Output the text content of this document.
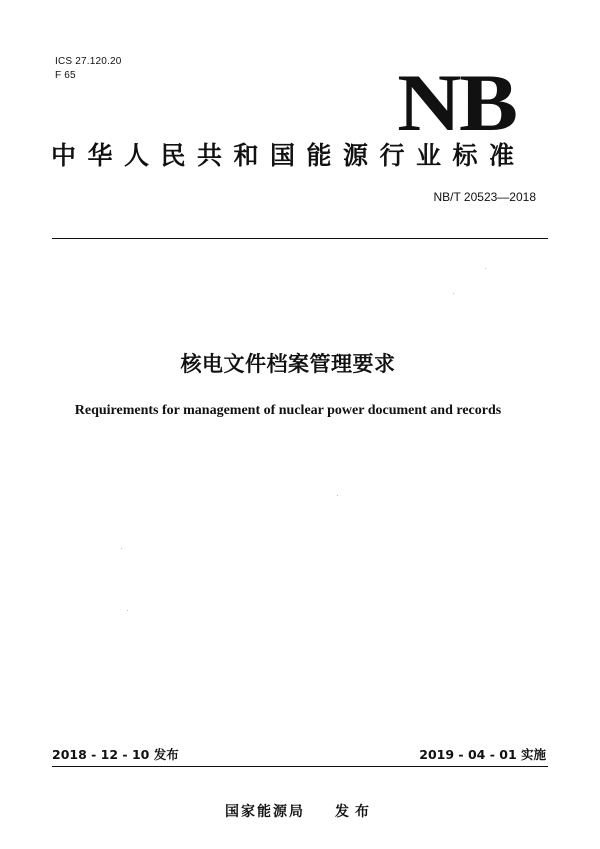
ICS 27.120.20
F 65	NB
中华人民共和国能源行业标准
NB/T 20523—2018
核电文件档案管理要求
Requirements for management of nuclear power document and records
2018 - 12 - 10 发布	2019 - 04 - 01 实施
国家能源局 发布
